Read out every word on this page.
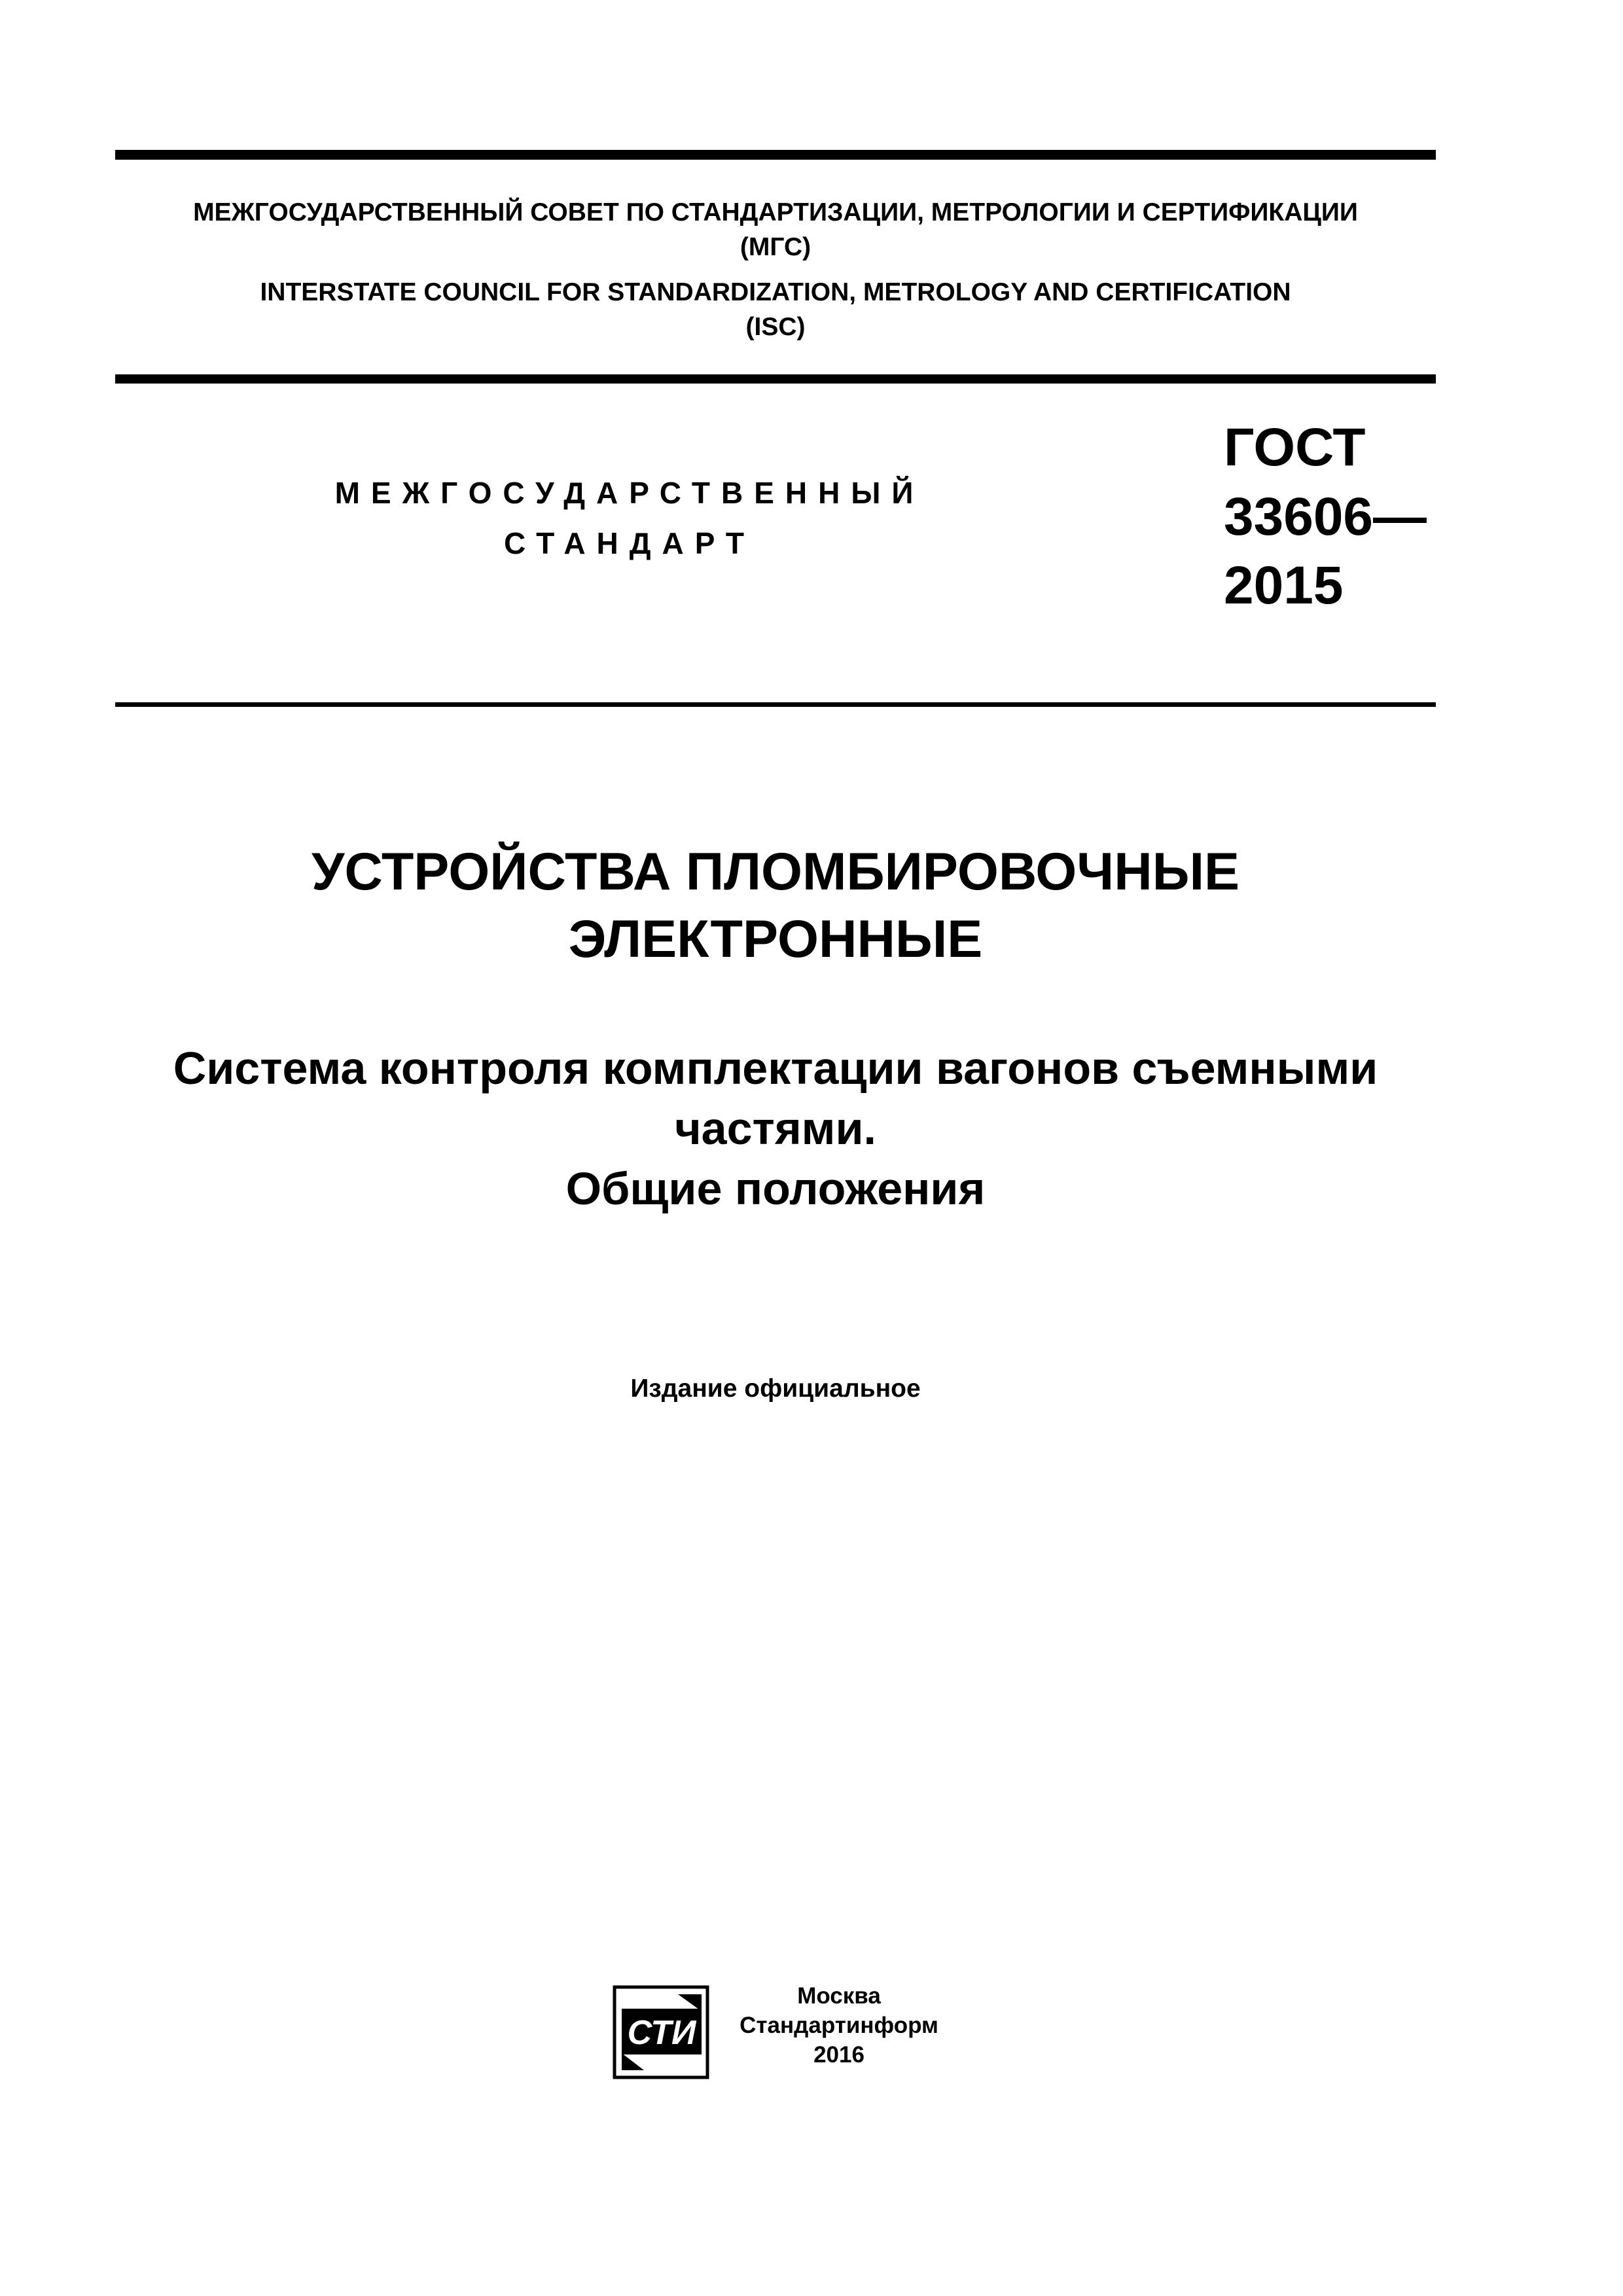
МЕЖГОСУДАРСТВЕННЫЙ СОВЕТ ПО СТАНДАРТИЗАЦИИ, МЕТРОЛОГИИ И СЕРТИФИКАЦИИ
(МГС)
INTERSTATE COUNCIL FOR STANDARDIZATION, METROLOGY AND CERTIFICATION
(ISC)
МЕЖГОСУДАРСТВЕННЫЙ
СТАНДАРТ
ГОСТ
33606—
2015
УСТРОЙСТВА ПЛОМБИРОВОЧНЫЕ
ЭЛЕКТРОННЫЕ
Система контроля комплектации вагонов съемными
частями.
Общие положения
Издание официальное
СТИ
Москва
Стандартинформ
2016
